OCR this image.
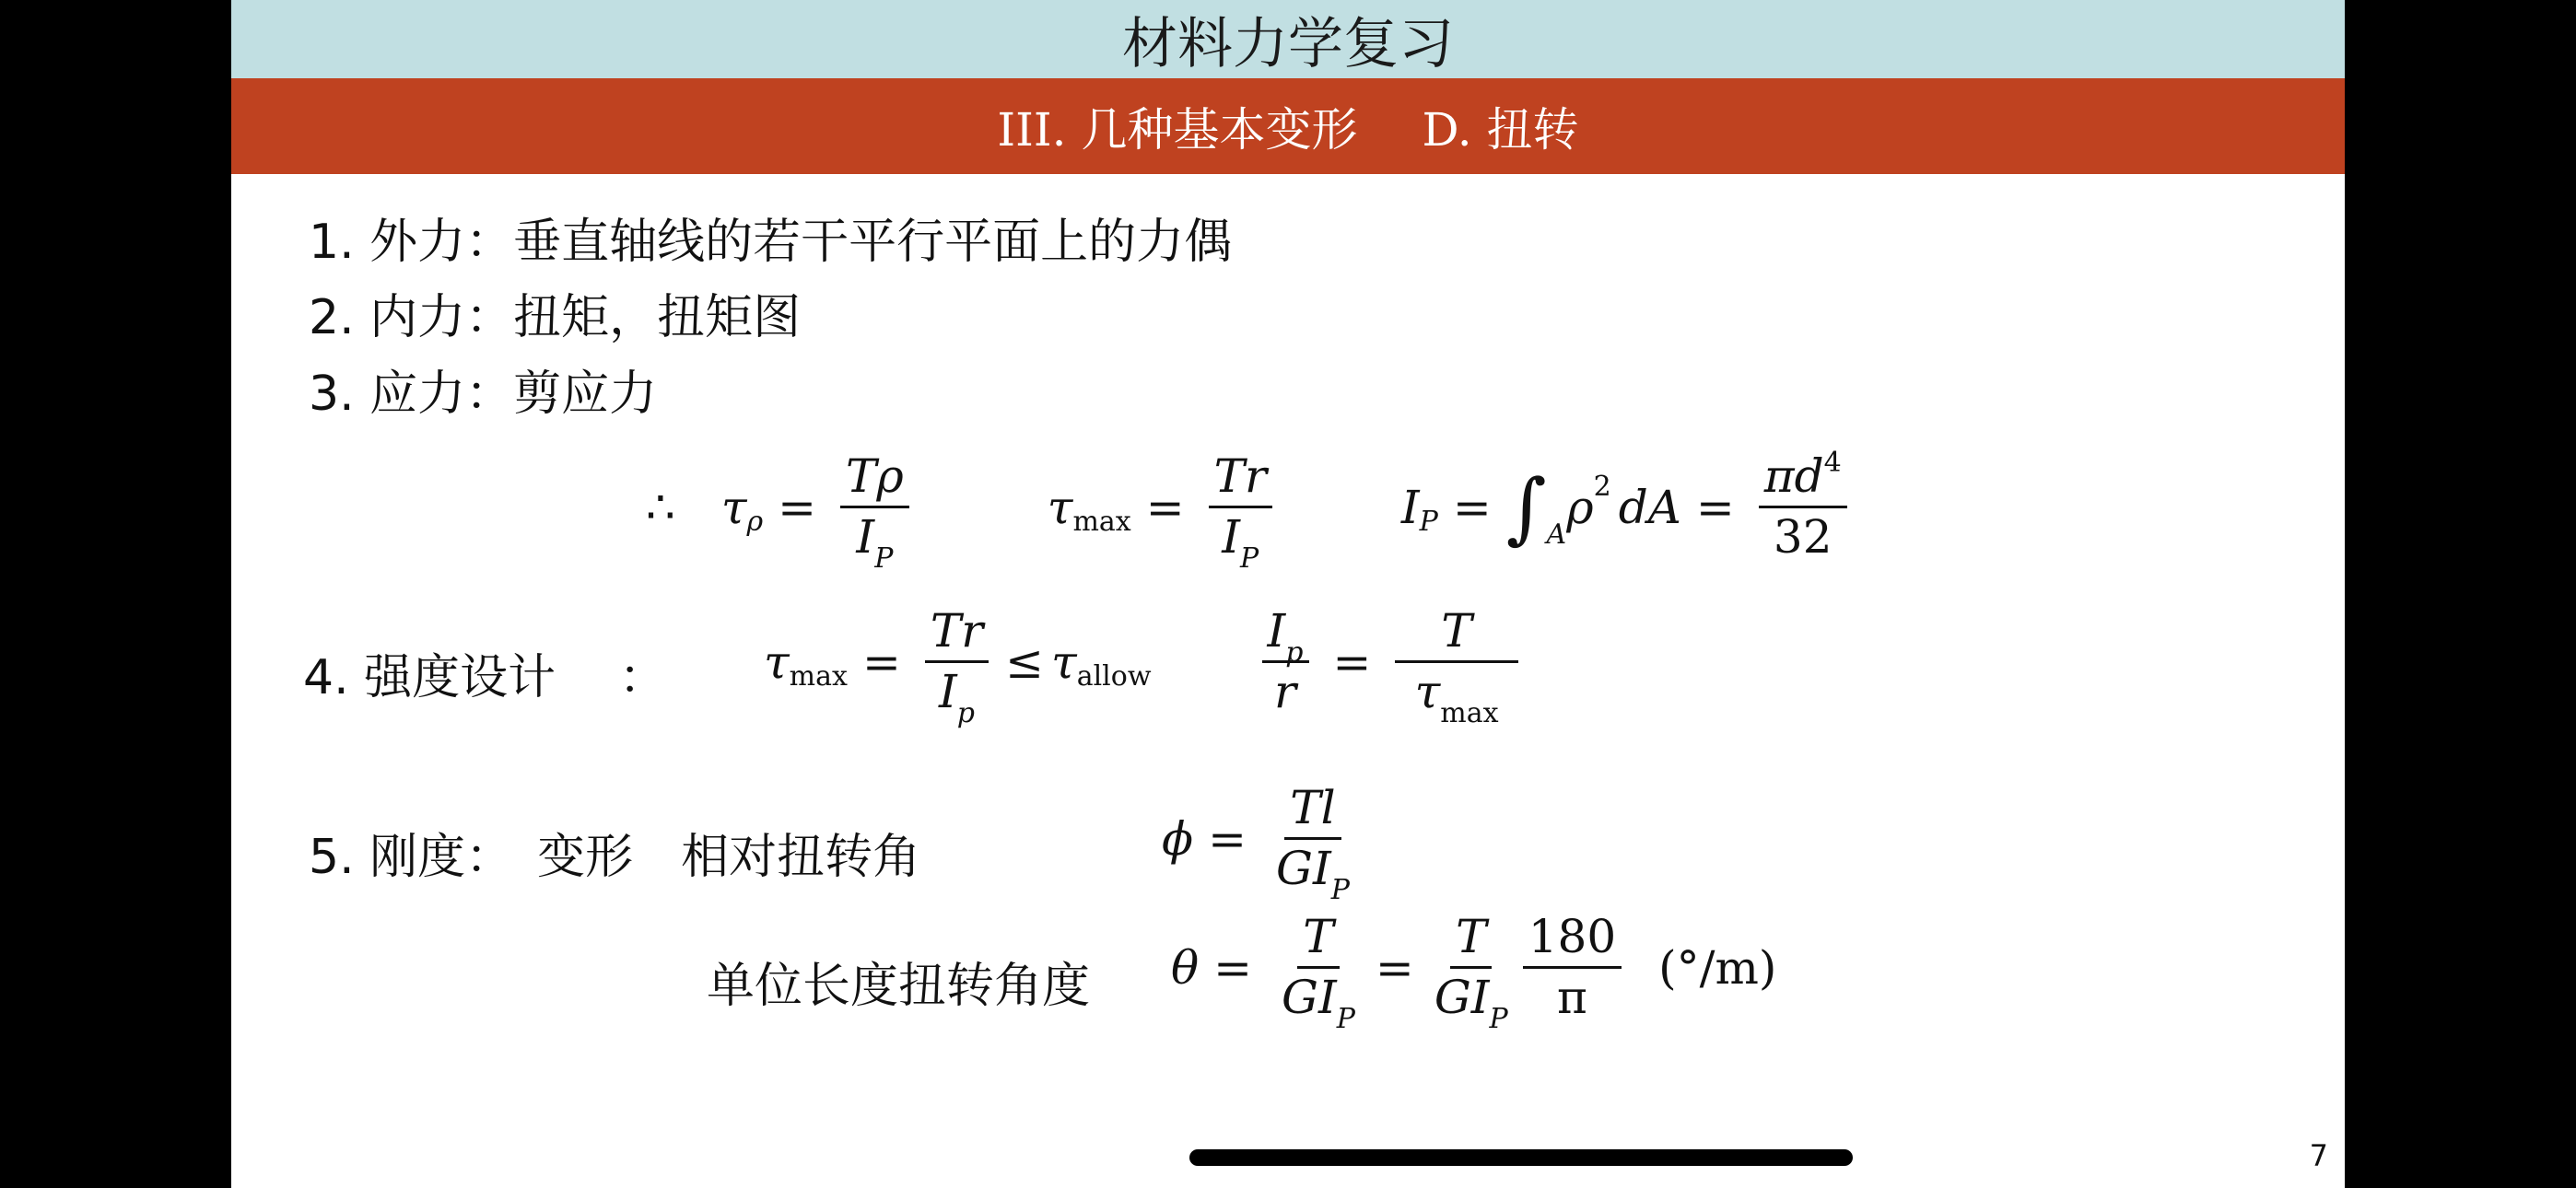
材料力学复习
III. 几种基本变形 D. 扭转
1. 外力：垂直轴线的若干平行平面上的力偶
2. 内力：扭矩，扭矩图
3. 应力：剪应力
∴ τ $\rho = \frac{T\rho}{I_P}$	τ $\max = \frac{Tr}{I_P}$	I P = ∫ A
ρ 2 dA = $\frac{\pi d^4}{32}$
4. 强度设计　 ： τ $\max = \frac{Tr}{I_p} \le \tau$ allow $\frac{I_p}{r} = \frac{T}{\tau_{max}}$
5. 刚度：　变形　相对扭转角	$\phi = \frac{Tl}{GI_P}$
单位长度扭转角度 $\theta = \frac{T}{GI_P} = \frac{T}{GI_P} \frac{180}{\pi} (^\circ/m)$
7
